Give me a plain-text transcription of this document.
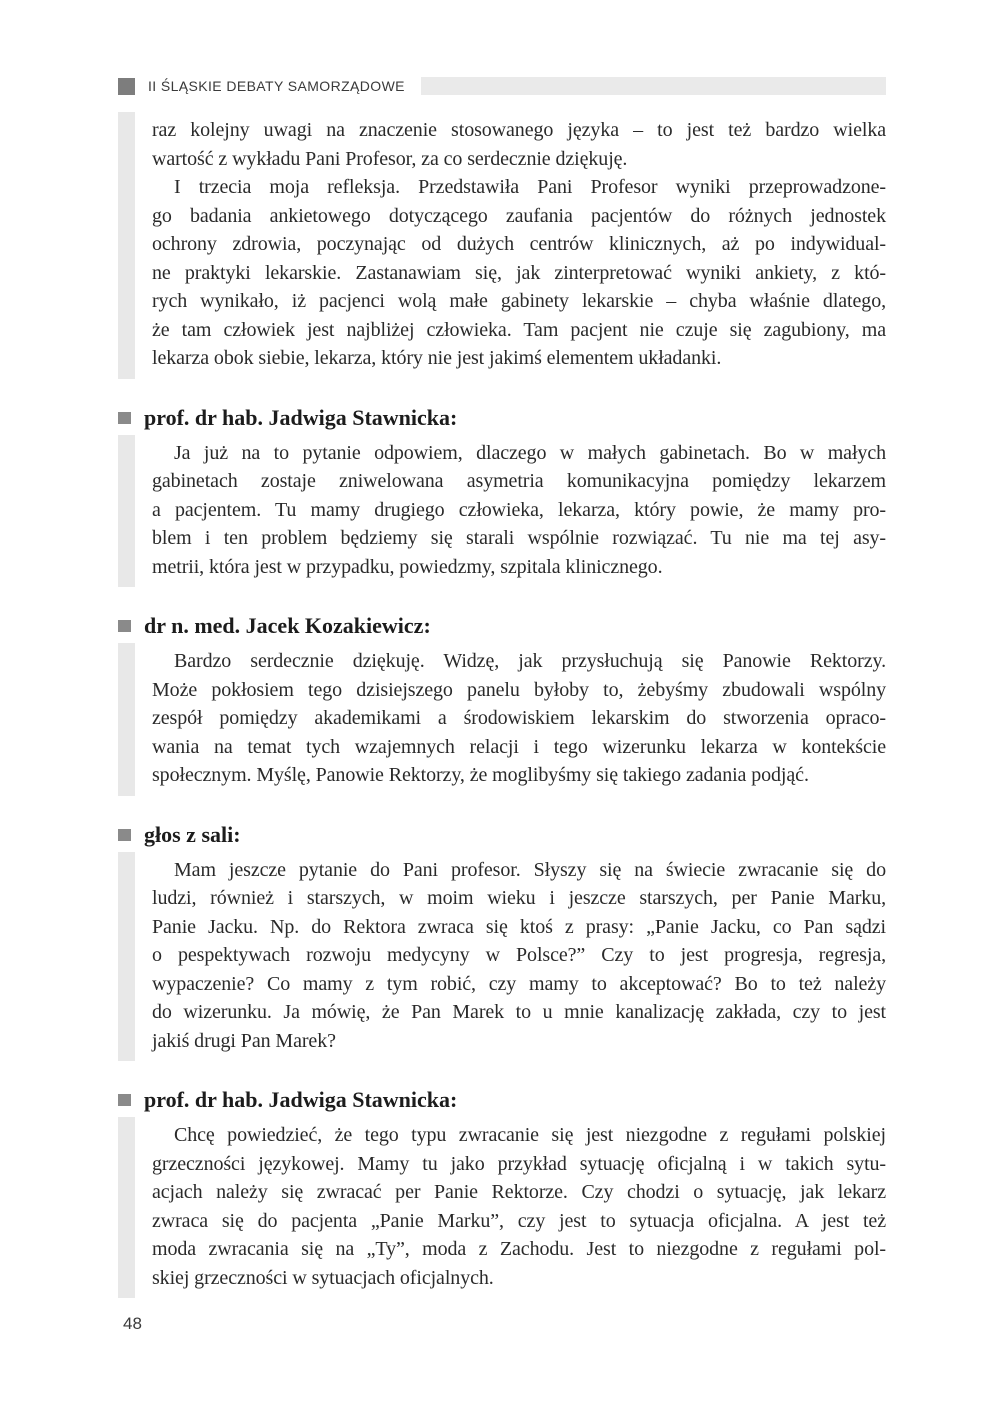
II ŚLĄSKIE DEBATY SAMORZĄDOWE
raz kolejny uwagi na znaczenie stosowanego języka – to jest też bardzo wielka
wartość z wykładu Pani Profesor, za co serdecznie dziękuję.
I trzecia moja refleksja. Przedstawiła Pani Profesor wyniki przeprowadzone-
go badania ankietowego dotyczącego zaufania pacjentów do różnych jednostek
ochrony zdrowia, poczynając od dużych centrów klinicznych, aż po indywidual-
ne praktyki lekarskie. Zastanawiam się, jak zinterpretować wyniki ankiety, z któ-
rych wynikało, iż pacjenci wolą małe gabinety lekarskie – chyba właśnie dlatego,
że tam człowiek jest najbliżej człowieka. Tam pacjent nie czuje się zagubiony, ma
lekarza obok siebie, lekarza, który nie jest jakimś elementem układanki.
prof. dr hab. Jadwiga Stawnicka:
Ja już na to pytanie odpowiem, dlaczego w małych gabinetach. Bo w małych
gabinetach zostaje zniwelowana asymetria komunikacyjna pomiędzy lekarzem
a pacjentem. Tu mamy drugiego człowieka, lekarza, który powie, że mamy pro-
blem i ten problem będziemy się starali wspólnie rozwiązać. Tu nie ma tej asy-
metrii, która jest w przypadku, powiedzmy, szpitala klinicznego.
dr n. med. Jacek Kozakiewicz:
Bardzo serdecznie dziękuję. Widzę, jak przysłuchują się Panowie Rektorzy.
Może pokłosiem tego dzisiejszego panelu byłoby to, żebyśmy zbudowali wspólny
zespół pomiędzy akademikami a środowiskiem lekarskim do stworzenia opraco-
wania na temat tych wzajemnych relacji i tego wizerunku lekarza w kontekście
społecznym. Myślę, Panowie Rektorzy, że moglibyśmy się takiego zadania podjąć.
głos z sali:
Mam jeszcze pytanie do Pani profesor. Słyszy się na świecie zwracanie się do
ludzi, również i starszych, w moim wieku i jeszcze starszych, per Panie Marku,
Panie Jacku. Np. do Rektora zwraca się ktoś z prasy: „Panie Jacku, co Pan sądzi
o pespektywach rozwoju medycyny w Polsce?” Czy to jest progresja, regresja,
wypaczenie? Co mamy z tym robić, czy mamy to akceptować? Bo to też należy
do wizerunku. Ja mówię, że Pan Marek to u mnie kanalizację zakłada, czy to jest
jakiś drugi Pan Marek?
prof. dr hab. Jadwiga Stawnicka:
Chcę powiedzieć, że tego typu zwracanie się jest niezgodne z regułami polskiej
grzeczności językowej. Mamy tu jako przykład sytuację oficjalną i w takich sytu-
acjach należy się zwracać per Panie Rektorze. Czy chodzi o sytuację, jak lekarz
zwraca się do pacjenta „Panie Marku”, czy jest to sytuacja oficjalna. A jest też
moda zwracania się na „Ty”, moda z Zachodu. Jest to niezgodne z regułami pol-
skiej grzeczności w sytuacjach oficjalnych.
48
